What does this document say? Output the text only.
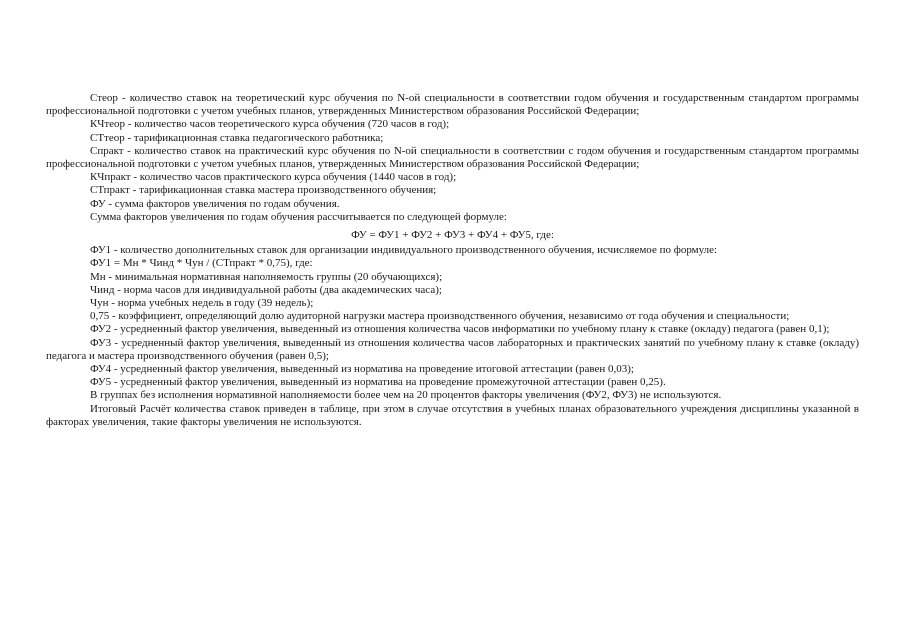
Стеор - количество ставок на теоретический курс обучения по N-ой специальности в соответствии годом обучения и государственным стандартом программы профессиональной подготовки с учетом учебных планов, утвержденных Министерством образования Российской Федерации;

КЧтеор - количество часов теоретического курса обучения (720 часов в год);

СТтеор - тарификационная ставка педагогического работника;

Спракт - количество ставок на практический курс обучения по N-ой специальности в соответствии с годом обучения и государственным стандартом программы профессиональной подготовки с учетом учебных планов, утвержденных Министерством образования Российской Федерации;

КЧпракт - количество часов практического курса обучения (1440 часов в год);

СТпракт - тарификационная ставка мастера производственного обучения;

ФУ - сумма факторов увеличения по годам обучения.

Сумма факторов увеличения по годам обучения рассчитывается по следующей формуле:

ФУ = ФУ1 + ФУ2 + ФУ3 + ФУ4 + ФУ5, где:

ФУ1 - количество дополнительных ставок для организации индивидуального производственного обучения, исчисляемое по формуле:

ФУ1 = Мн * Чинд * Чун / (СТпракт * 0,75), где:

Мн - минимальная нормативная наполняемость группы (20 обучающихся);

Чинд - норма часов для индивидуальной работы (два академических часа);

Чун - норма учебных недель в году (39 недель);

0,75 - коэффициент, определяющий долю аудиторной нагрузки мастера производственного обучения, независимо от года обучения и специальности;

ФУ2 - усредненный фактор увеличения, выведенный из отношения количества часов информатики по учебному плану к ставке (окладу) педагога (равен 0,1);

ФУ3 - усредненный фактор увеличения, выведенный из отношения количества часов лабораторных и практических занятий по учебному плану к ставке (окладу) педагога и мастера производственного обучения (равен 0,5);

ФУ4 - усредненный фактор увеличения, выведенный из норматива на проведение итоговой аттестации (равен 0,03);

ФУ5 - усредненный фактор увеличения, выведенный из норматива на проведение промежуточной аттестации (равен 0,25).

В группах без исполнения нормативной наполняемости более чем на 20 процентов факторы увеличения (ФУ2, ФУ3) не используются.

Итоговый Расчёт количества ставок приведен в таблице, при этом в случае отсутствия в учебных планах образовательного учреждения дисциплины указанной в факторах увеличения, такие факторы увеличения не используются.
